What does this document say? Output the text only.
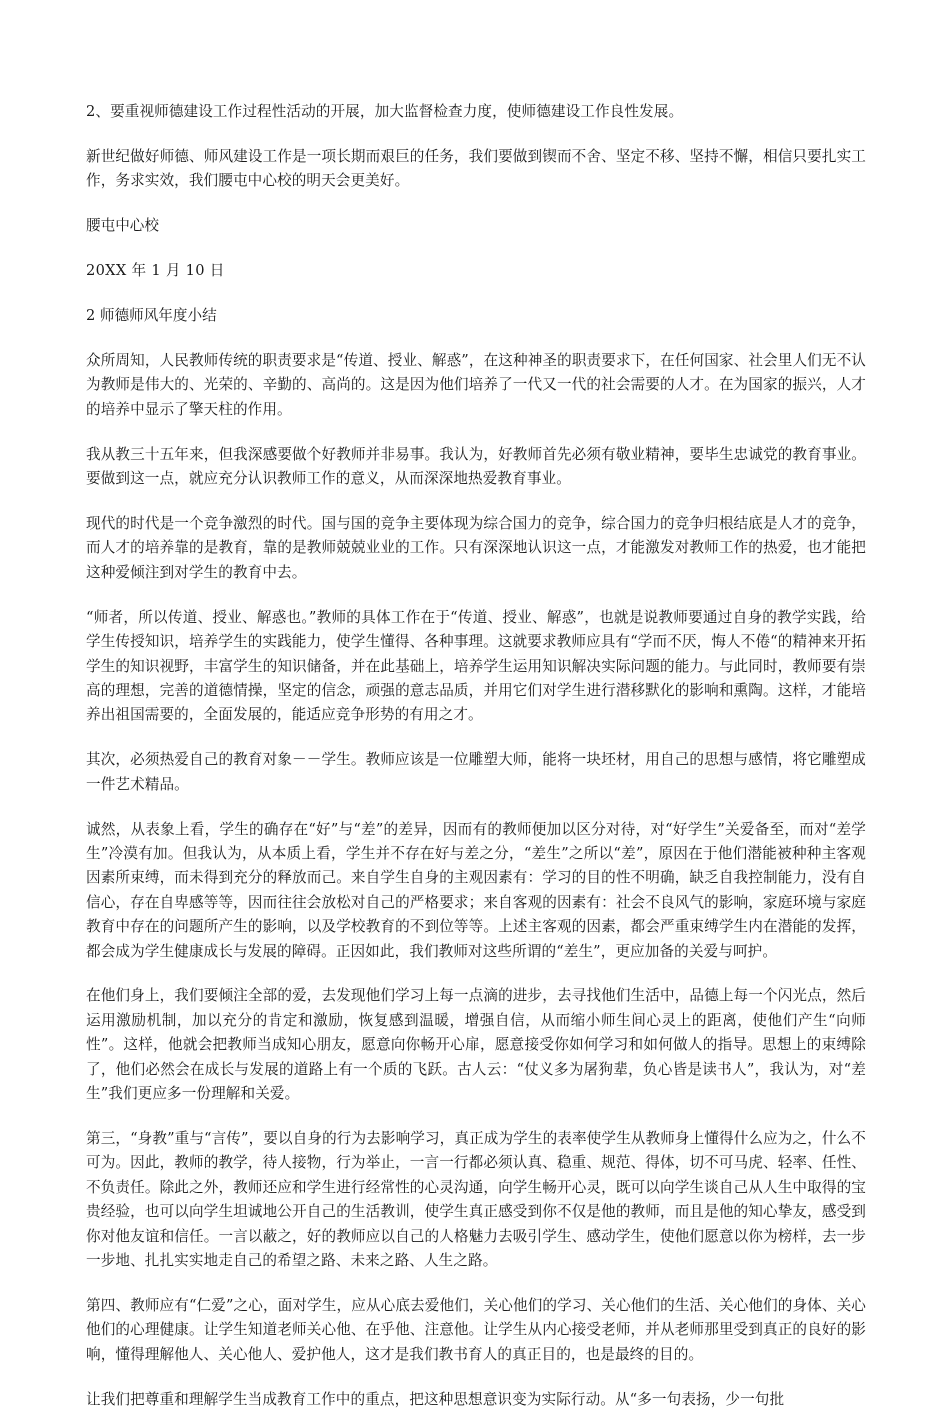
2、要重视师德建设工作过程性活动的开展，加大监督检查力度，使师德建设工作良性发展。

新世纪做好师德、师风建设工作是一项长期而艰巨的任务，我们要做到锲而不舍、坚定不移、坚持不懈，相信只要扎实工作，务求实效，我们腰屯中心校的明天会更美好。

腰屯中心校

20XX 年 1 月 10 日

2 师德师风年度小结

众所周知，人民教师传统的职责要求是“传道、授业、解惑”，在这种神圣的职责要求下，在任何国家、社会里人们无不认为教师是伟大的、光荣的、辛勤的、高尚的。这是因为他们培养了一代又一代的社会需要的人才。在为国家的振兴，人才的培养中显示了擎天柱的作用。

我从教三十五年来，但我深感要做个好教师并非易事。我认为，好教师首先必须有敬业精神，要毕生忠诚党的教育事业。要做到这一点，就应充分认识教师工作的意义，从而深深地热爱教育事业。

现代的时代是一个竞争激烈的时代。国与国的竞争主要体现为综合国力的竞争，综合国力的竞争归根结底是人才的竞争，而人才的培养靠的是教育，靠的是教师兢兢业业的工作。只有深深地认识这一点，才能激发对教师工作的热爱，也才能把这种爱倾注到对学生的教育中去。

“师者，所以传道、授业、解惑也。”教师的具体工作在于“传道、授业、解惑”，也就是说教师要通过自身的教学实践，给学生传授知识，培养学生的实践能力，使学生懂得、各种事理。这就要求教师应具有“学而不厌，悔人不倦“的精神来开拓学生的知识视野，丰富学生的知识储备，并在此基础上，培养学生运用知识解决实际问题的能力。与此同时，教师要有崇高的理想，完善的道德情操，坚定的信念，顽强的意志品质，并用它们对学生进行潜移默化的影响和熏陶。这样，才能培养出祖国需要的，全面发展的，能适应竞争形势的有用之才。

其次，必须热爱自己的教育对象－－学生。教师应该是一位雕塑大师，能将一块坯材，用自己的思想与感情，将它雕塑成一件艺术精品。

诚然，从表象上看，学生的确存在“好”与“差”的差异，因而有的教师便加以区分对待，对“好学生”关爱备至，而对“差学生”冷漠有加。但我认为，从本质上看，学生并不存在好与差之分，“差生”之所以“差”，原因在于他们潜能被种种主客观因素所束缚，而未得到充分的释放而己。来自学生自身的主观因素有：学习的目的性不明确，缺乏自我控制能力，没有自信心，存在自卑感等等，因而往往会放松对自己的严格要求；来自客观的因素有：社会不良风气的影响，家庭环境与家庭教育中存在的问题所产生的影响，以及学校教育的不到位等等。上述主客观的因素，都会严重束缚学生内在潜能的发挥，都会成为学生健康成长与发展的障碍。正因如此，我们教师对这些所谓的“差生”，更应加备的关爱与呵护。

在他们身上，我们要倾注全部的爱，去发现他们学习上每一点滴的进步，去寻找他们生活中，品德上每一个闪光点，然后运用激励机制，加以充分的肯定和激励，恢复感到温暖，增强自信，从而缩小师生间心灵上的距离，使他们产生“向师性”。这样，他就会把教师当成知心朋友，愿意向你畅开心扉，愿意接受你如何学习和如何做人的指导。思想上的束缚除了，他们必然会在成长与发展的道路上有一个质的飞跃。古人云：“仗义多为屠狗辈，负心皆是读书人”，我认为，对“差生”我们更应多一份理解和关爱。

第三，“身教”重与“言传”，要以自身的行为去影响学习，真正成为学生的表率使学生从教师身上懂得什么应为之，什么不可为。因此，教师的教学，待人接物，行为举止，一言一行都必须认真、稳重、规范、得体，切不可马虎、轻率、任性、不负责任。除此之外，教师还应和学生进行经常性的心灵沟通，向学生畅开心灵，既可以向学生谈自己从人生中取得的宝贵经验，也可以向学生坦诚地公开自己的生活教训，使学生真正感受到你不仅是他的教师，而且是他的知心挚友，感受到你对他友谊和信任。一言以蔽之，好的教师应以自己的人格魅力去吸引学生、感动学生，使他们愿意以你为榜样，去一步一步地、扎扎实实地走自己的希望之路、未来之路、人生之路。

第四、教师应有“仁爱”之心，面对学生，应从心底去爱他们，关心他们的学习、关心他们的生活、关心他们的身体、关心他们的心理健康。让学生知道老师关心他、在乎他、注意他。让学生从内心接受老师，并从老师那里受到真正的良好的影响，懂得理解他人、关心他人、爱护他人，这才是我们教书育人的真正目的，也是最终的目的。

让我们把尊重和理解学生当成教育工作中的重点，把这种思想意识变为实际行动。从“多一句表扬，少一句批
